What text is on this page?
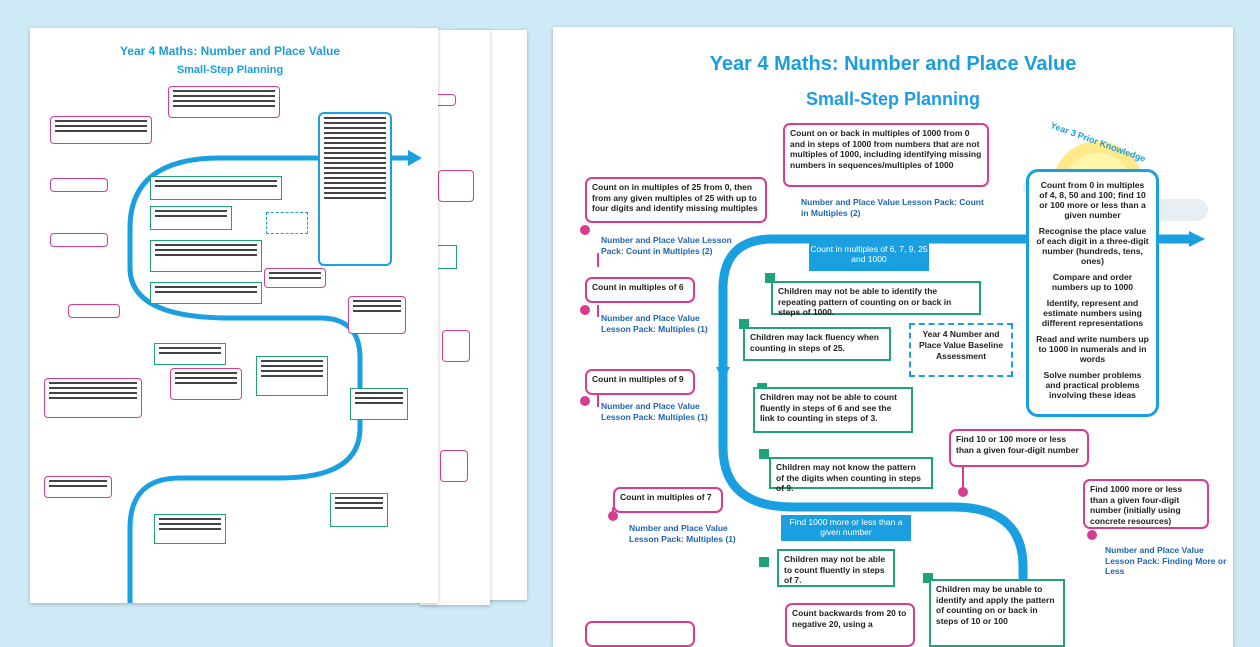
Year 4 Maths: Number and Place Value
Small-Step Planning	Year 4 Maths: Number and Place Value
Small-Step Planning
Year 3 Prior Knowledge

Count from 0 in multiples of 4, 8, 50 and 100; find 10 or 100 more or less than a given number

Recognise the place value of each digit in a three-digit number (hundreds, tens, ones)

Compare and order numbers up to 1000

Identify, represent and estimate numbers using different representations

Read and write numbers up to 1000 in numerals and in words

Solve number problems and practical problems involving these ideas

Count on or back in multiples of 1000 from 0 and in steps of 1000 from numbers that are not multiples of 1000, including identifying missing numbers in sequences/multiples of 1000
Number and Place Value Lesson Pack: Count in Multiples (2)
Count on in multiples of 25 from 0, then from any given multiples of 25 with up to four digits and identify missing multiples
Number and Place Value Lesson Pack: Count in Multiples (2)
Count in multiples of 6
Number and Place Value Lesson Pack: Multiples (1)
Count in multiples of 9
Number and Place Value Lesson Pack: Multiples (1)
Count in multiples of 7
Number and Place Value Lesson Pack: Multiples (1)
Find 10 or 100 more or less than a given four-digit number
Find 1000 more or less than a given four-digit number (initially using concrete resources)
Number and Place Value Lesson Pack: Finding More or Less
Count backwards from 20 to negative 20, using a
Count in multiples of 6, 7, 9, 25 and 1000
Find 1000 more or less than a given number
Children may not be able to identify the repeating pattern of counting on or back in steps of 1000.
Children may lack fluency when counting in steps of 25.
Children may not be able to count fluently in steps of 6 and see the link to counting in steps of 3.
Children may not know the pattern of the digits when counting in steps of 9.
Children may not be able to count fluently in steps of 7.
Children may be unable to identify and apply the pattern of counting on or back in steps of 10 or 100
Year 4 Number and Place Value Baseline Assessment
